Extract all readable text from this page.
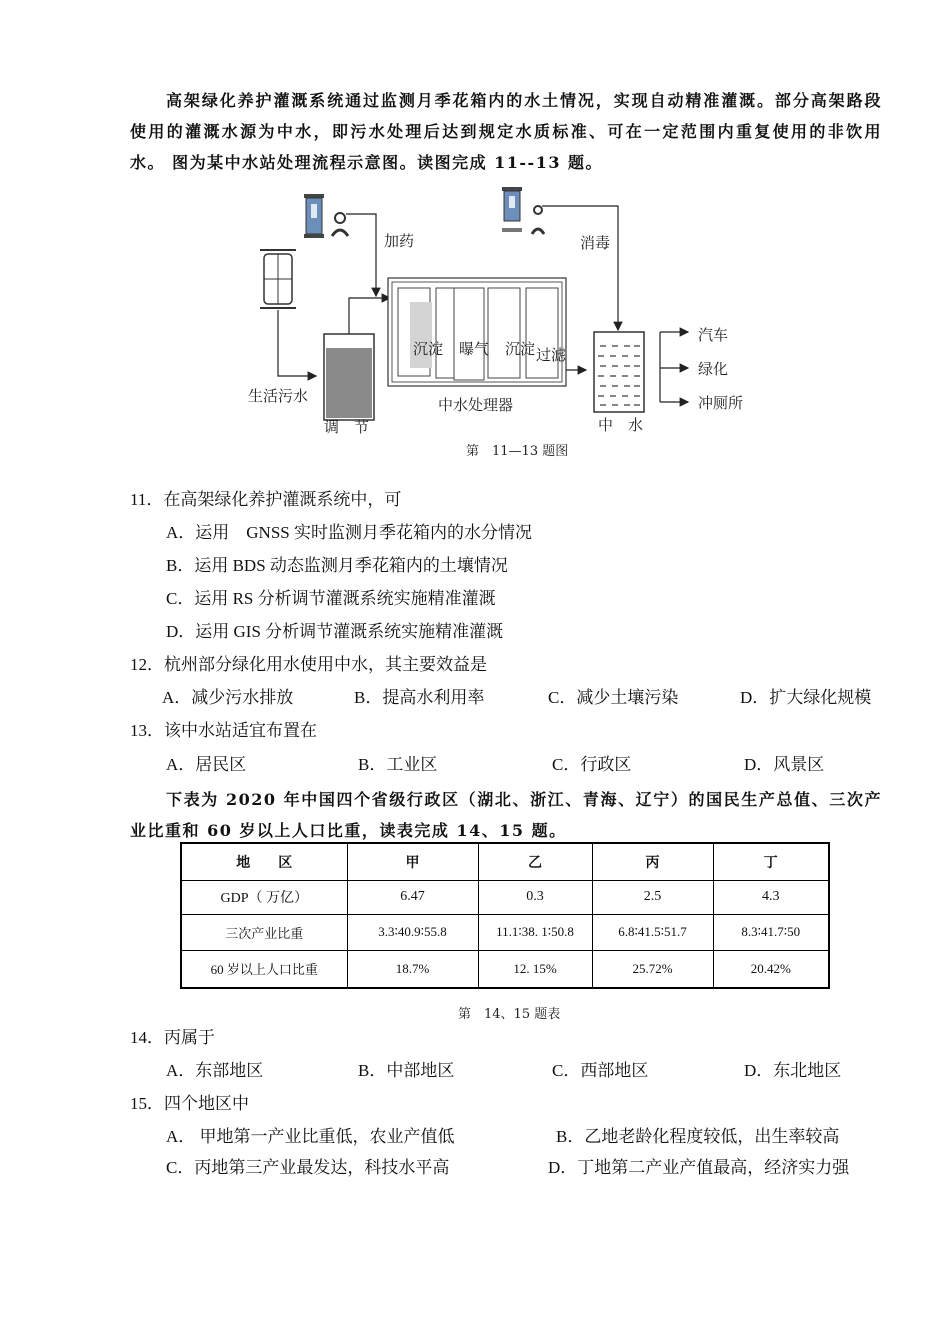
高架绿化养护灌溉系统通过监测月季花箱内的水土情况，实现自动精准灌溉。部分高架路段使用的灌溉水源为中水，即污水处理后达到规定水质标准、可在一定范围内重复使用的非饮用水。 图为某中水站处理流程示意图。读图完成 11--13 题。

加药	消毒
生活污水
调　节
沉淀 曝气 沉淀 过滤
中水处理器
中　水
汽车
绿化
冲厕所
第　11—13 题图
11．在高架绿化养护灌溉系统中，可
A．运用　GNSS 实时监测月季花箱内的水分情况
B．运用 BDS 动态监测月季花箱内的土壤情况
C．运用 RS 分析调节灌溉系统实施精准灌溉
D．运用 GIS 分析调节灌溉系统实施精准灌溉
12．杭州部分绿化用水使用中水，其主要效益是
A．减少污水排放	B．提高水利用率	C．减少土壤污染	D．扩大绿化规模
13．该中水站适宜布置在
A．居民区	B．工业区	C．行政区	D．风景区

下表为 2020 年中国四个省级行政区（湖北、浙江、青海、辽宁）的国民生产总值、三次产业比重和 60 岁以上人口比重，读表完成 14、15 题。

地　　区	甲	乙	丙	丁
GDP（ 万亿）	6.47	0.3	2.5	4.3
三次产业比重	3.3∶40.9∶55.8	11.1∶38. 1∶50.8	6.8∶41.5∶51.7	8.3∶41.7∶50
60 岁以上人口比重	18.7%	12. 15%	25.72%	20.42%
第　14、15 题表
14．丙属于
A．东部地区	B．中部地区	C．西部地区	D．东北地区
15．四个地区中
A． 甲地第一产业比重低，农业产值低	B．乙地老龄化程度较低，出生率较高
C．丙地第三产业最发达，科技水平高	D．丁地第二产业产值最高，经济实力强
